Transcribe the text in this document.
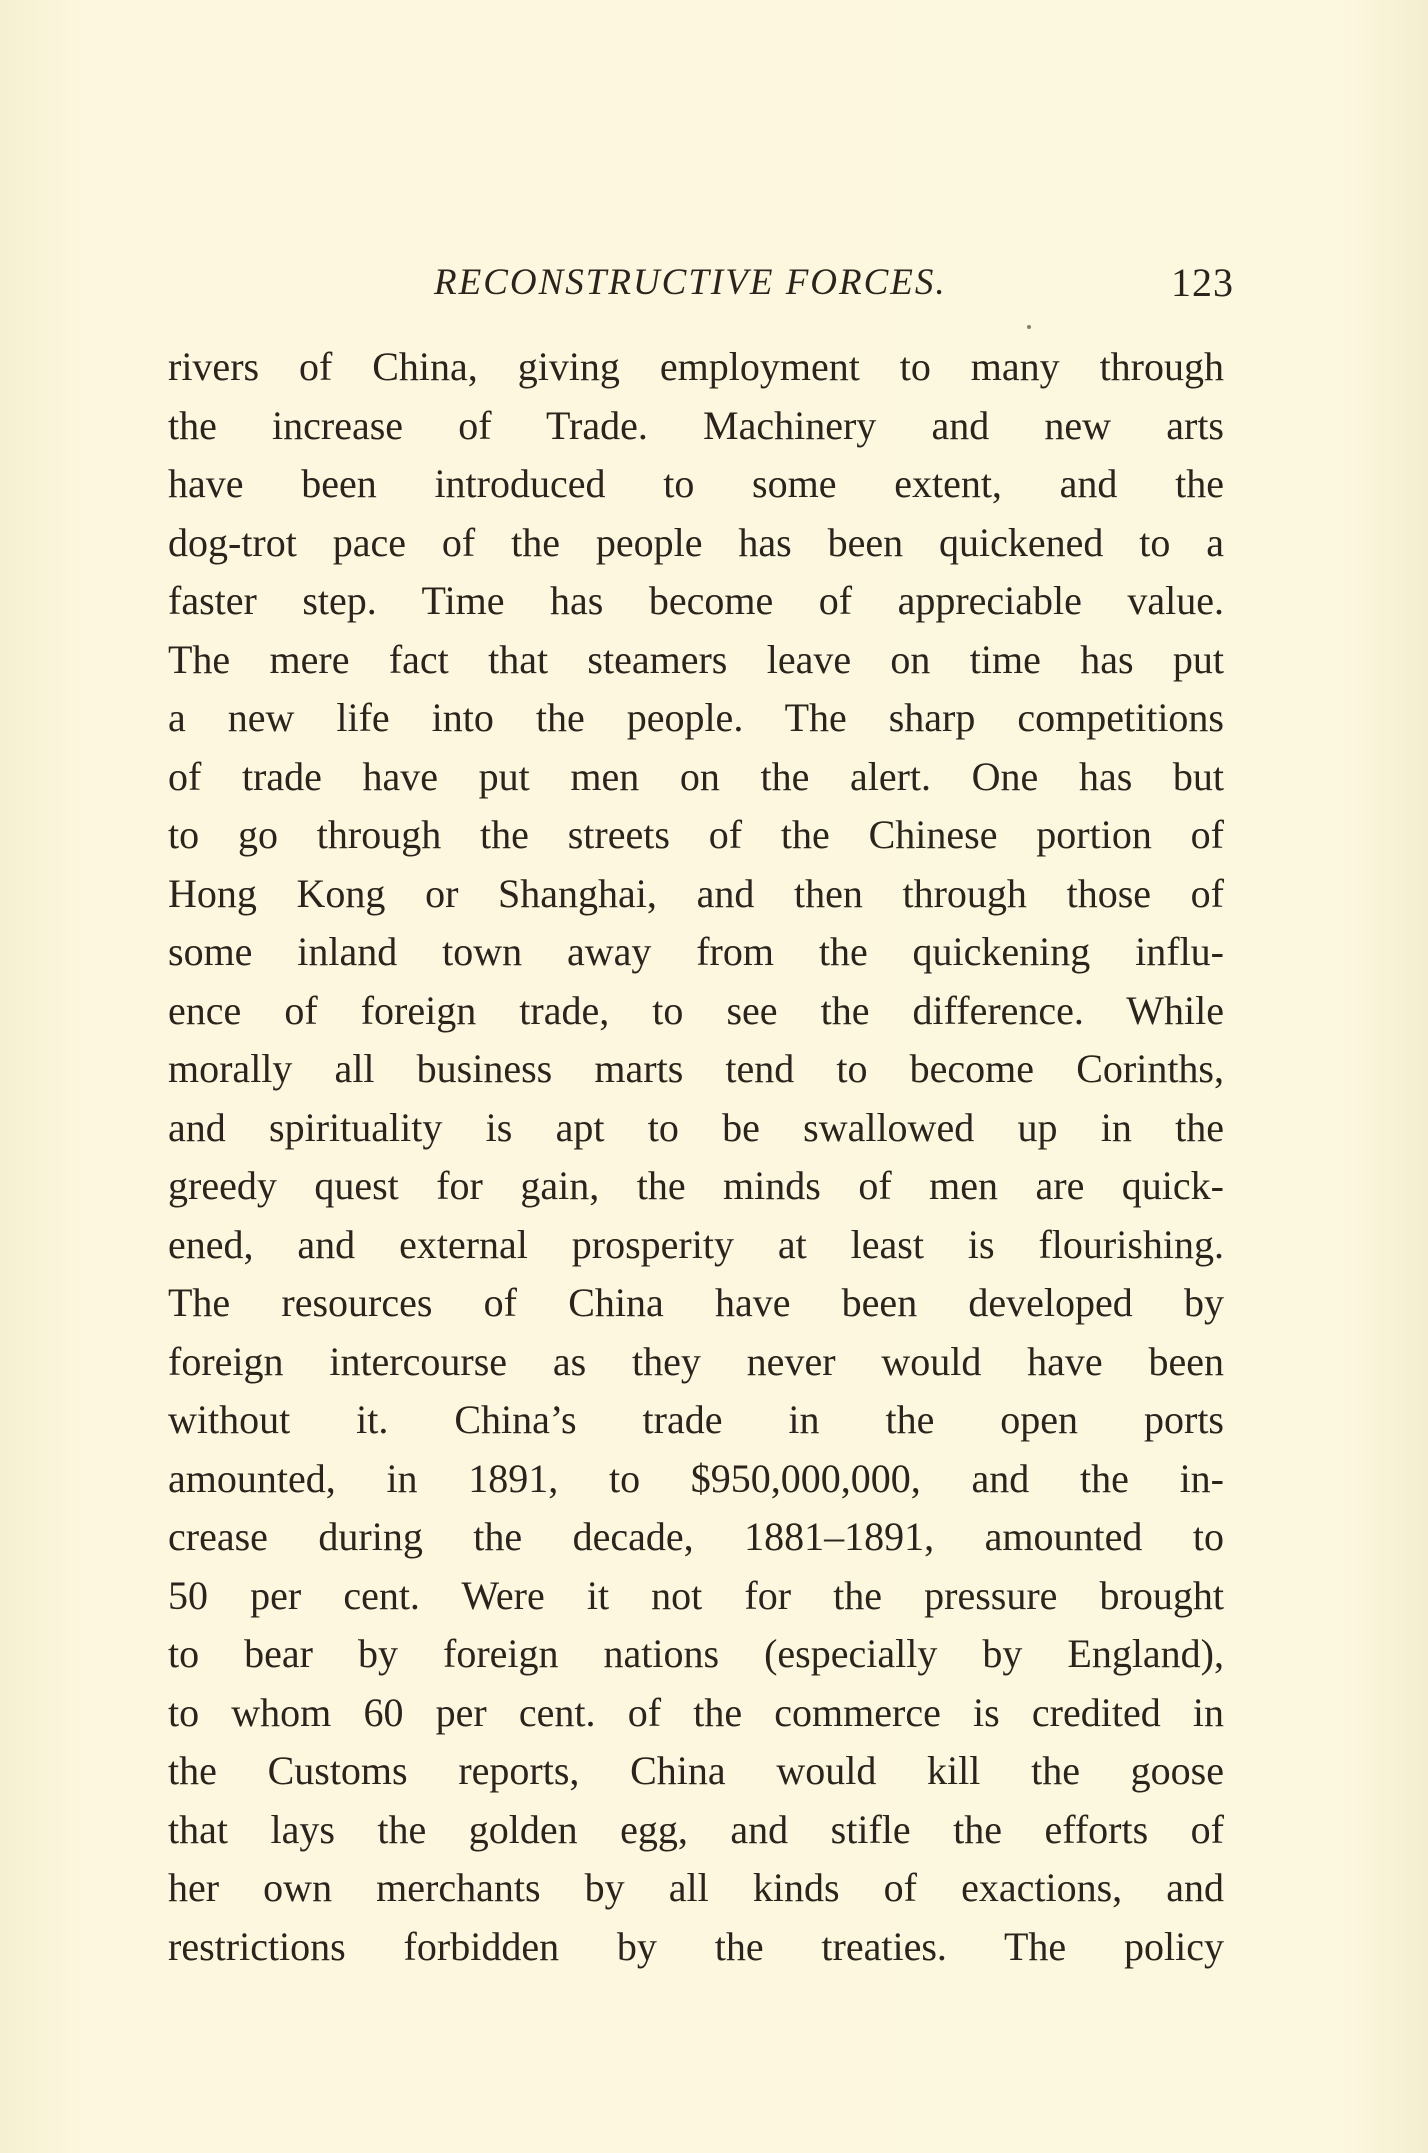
RECONSTRUCTIVE FORCES.	123
rivers of China, giving employment to many through
the increase of Trade. Machinery and new arts
have been introduced to some extent, and the
dog-trot pace of the people has been quickened to a
faster step. Time has become of appreciable value.
The mere fact that steamers leave on time has put
a new life into the people. The sharp competitions
of trade have put men on the alert. One has but
to go through the streets of the Chinese portion of
Hong Kong or Shanghai, and then through those of
some inland town away from the quickening influ-
ence of foreign trade, to see the difference. While
morally all business marts tend to become Corinths,
and spirituality is apt to be swallowed up in the
greedy quest for gain, the minds of men are quick-
ened, and external prosperity at least is flourishing.
The resources of China have been developed by
foreign intercourse as they never would have been
without it. China’s trade in the open ports
amounted, in 1891, to $950,000,000, and the in-
crease during the decade, 1881–1891, amounted to
50 per cent. Were it not for the pressure brought
to bear by foreign nations (especially by England),
to whom 60 per cent. of the commerce is credited in
the Customs reports, China would kill the goose
that lays the golden egg, and stifle the efforts of
her own merchants by all kinds of exactions, and
restrictions forbidden by the treaties. The policy
